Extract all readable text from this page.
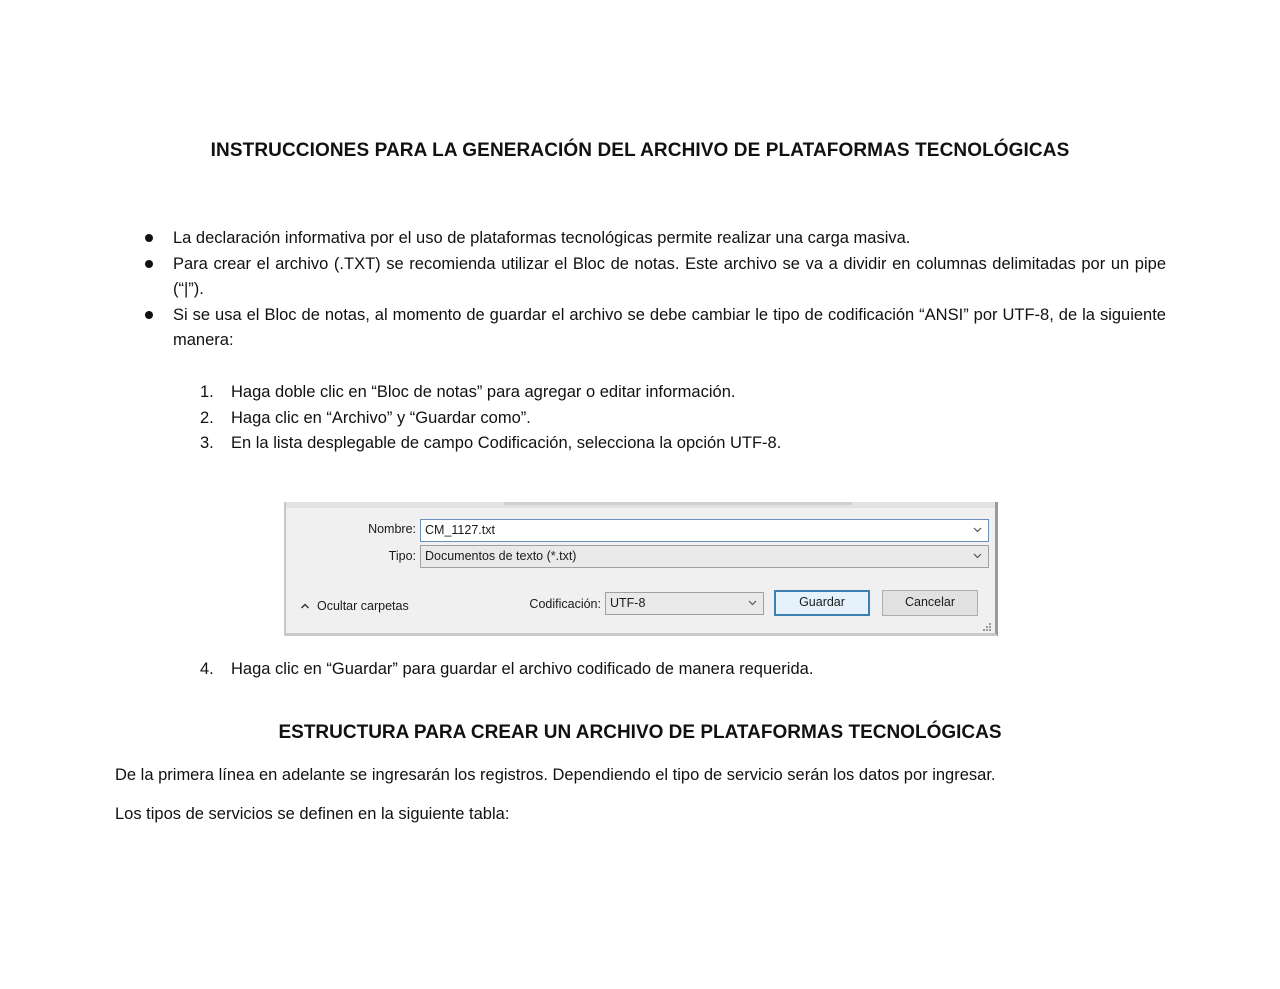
INSTRUCCIONES PARA LA GENERACIÓN DEL ARCHIVO DE PLATAFORMAS TECNOLÓGICAS
La declaración informativa por el uso de plataformas tecnológicas permite realizar una carga masiva.
Para crear el archivo (.TXT) se recomienda utilizar el Bloc de notas. Este archivo se va a dividir en columnas delimitadas por un pipe (“|”).
Si se usa el Bloc de notas, al momento de guardar el archivo se debe cambiar le tipo de codificación “ANSI” por UTF-8, de la siguiente manera:
1. Haga doble clic en “Bloc de notas” para agregar o editar información.
2. Haga clic en “Archivo” y “Guardar como”.
3. En la lista desplegable de campo Codificación, selecciona la opción UTF-8.
Nombre: CM_1127.txt
Tipo: Documentos de texto (*.txt)
Ocultar carpetas	Codificación: UTF-8	Guardar	Cancelar
4. Haga clic en “Guardar” para guardar el archivo codificado de manera requerida.
ESTRUCTURA PARA CREAR UN ARCHIVO DE PLATAFORMAS TECNOLÓGICAS
De la primera línea en adelante se ingresarán los registros. Dependiendo el tipo de servicio serán los datos por ingresar.
Los tipos de servicios se definen en la siguiente tabla:
